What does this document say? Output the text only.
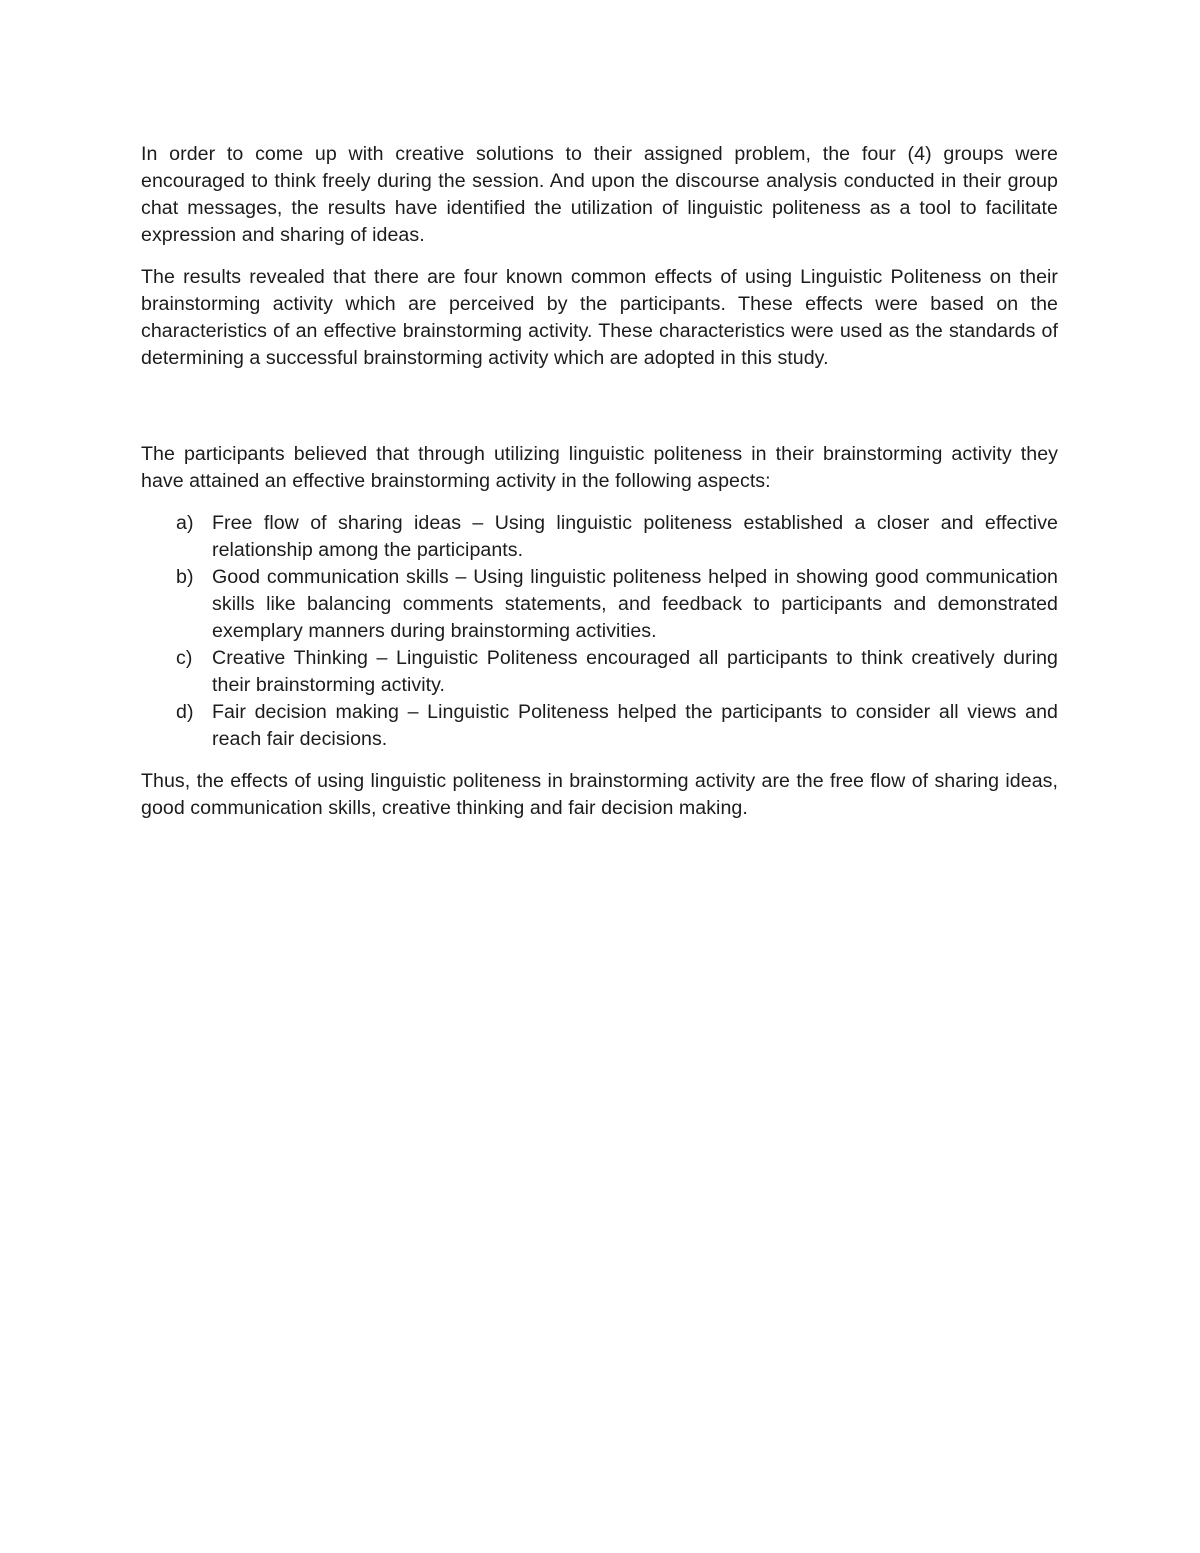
In order to come up with creative solutions to their assigned problem, the four (4) groups were encouraged to think freely during the session. And upon the discourse analysis conducted in their group chat messages, the results have identified the utilization of linguistic politeness as a tool to facilitate expression and sharing of ideas.

The results revealed that there are four known common effects of using Linguistic Politeness on their brainstorming activity which are perceived by the participants. These effects were based on the characteristics of an effective brainstorming activity. These characteristics were used as the standards of determining a successful brainstorming activity which are adopted in this study.

The participants believed that through utilizing linguistic politeness in their brainstorming activity they have attained an effective brainstorming activity in the following aspects:

a) Free flow of sharing ideas – Using linguistic politeness established a closer and effective relationship among the participants.
b) Good communication skills – Using linguistic politeness helped in showing good communication skills like balancing comments statements, and feedback to participants and demonstrated exemplary manners during brainstorming activities.
c) Creative Thinking – Linguistic Politeness encouraged all participants to think creatively during their brainstorming activity.
d) Fair decision making – Linguistic Politeness helped the participants to consider all views and reach fair decisions.

Thus, the effects of using linguistic politeness in brainstorming activity are the free flow of sharing ideas, good communication skills, creative thinking and fair decision making.
